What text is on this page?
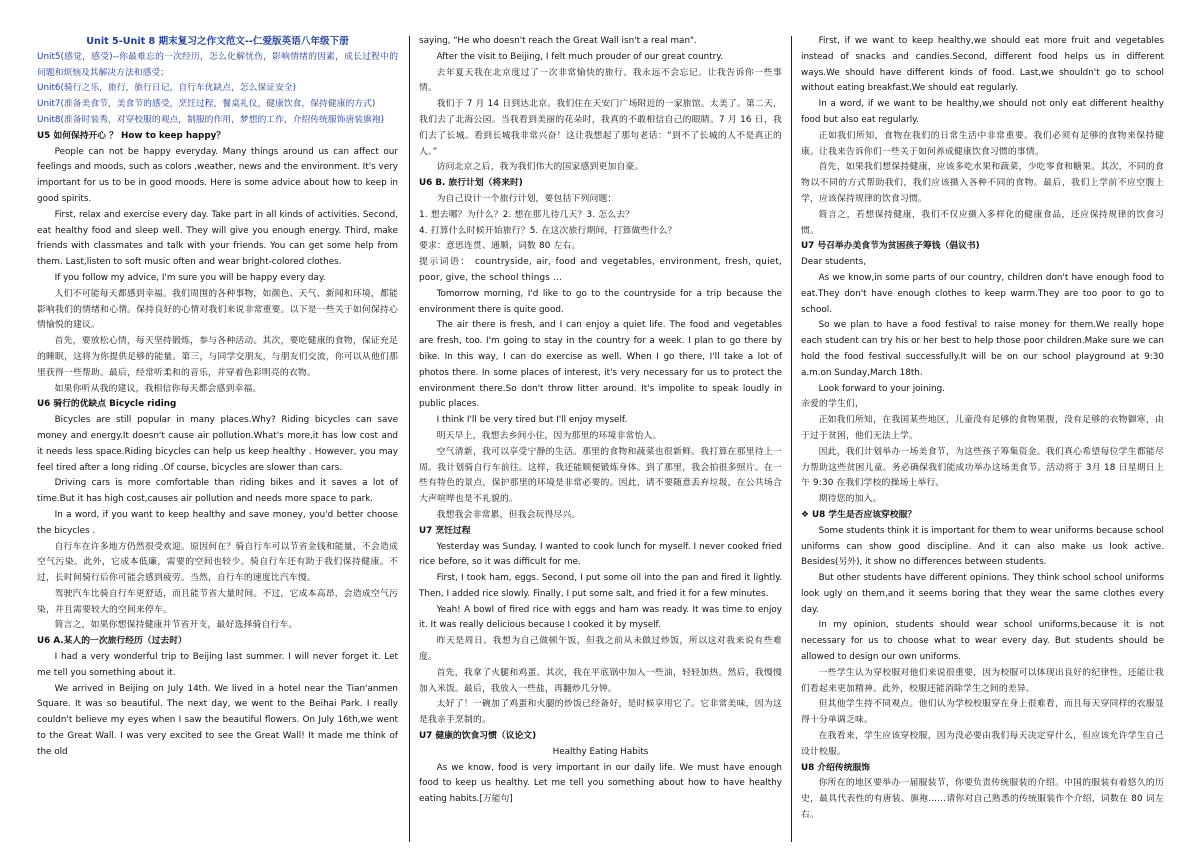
Unit 5-Unit 8 期末复习之作文范文--仁爱版英语八年级下册

Unit5(感觉，感受)--你最难忘的一次经历，怎么化解忧伤，影响情绪的因素，成长过程中的问题和烦恼及其解决方法和感受；

Unit6(骑行之乐，旅行，旅行日记，自行车优缺点，怎么保证安全)

Unit7(准备美食节，美食节的感受，烹饪过程，餐桌礼仪，健康饮食，保持健康的方式)

Unit8(准备时装秀，对穿校服的观点，制服的作用，梦想的工作，介绍传统服饰唐装旗袍)

U5 如何保持开心 ？ How to keep happy？

People can not be happy everyday. Many things around us can affect our feelings and moods, such as colors ,weather, news and the environment. It's very important for us to be in good moods. Here is some advice about how to keep in good spirits.

First, relax and exercise every day. Take part in all kinds of activities. Second, eat healthy food and sleep well. They will give you enough energy. Third, make friends with classmates and talk with your friends. You can get some help from them. Last,listen to soft music often and wear bright-colored clothes.

If you follow my advice, I'm sure you will be happy every day.

人们不可能每天都感到幸福。我们周围的各种事物，如颜色、天气、新闻和环境，都能影响我们的情绪和心情。保持良好的心情对我们来说非常重要。以下是一些关于如何保持心情愉悦的建议。

首先，要放松心情，每天坚持锻炼，参与各种活动。其次，要吃健康的食物，保证充足的睡眠，这将为你提供足够的能量。第三，与同学交朋友，与朋友们交流，你可以从他们那里获得一些帮助。最后，经常听柔和的音乐，并穿着色彩明亮的衣物。

如果你听从我的建议，我相信你每天都会感到幸福。

U6 骑行的优缺点 Bicycle riding

Bicycles are still popular in many places.Why? Riding bicycles can save money and energy.It doesn't cause air pollution.What's more,it has low cost and it needs less space.Riding bicycles can help us keep healthy . However, you may feel tired after a long riding .Of course, bicycles are slower than cars.

Driving cars is more comfortable than riding bikes and it saves a lot of time.But it has high cost,causes air pollution and needs more space to park.

In a word, if you want to keep healthy and save money, you'd better choose the bicycles .

自行车在许多地方仍然很受欢迎。原因何在？骑自行车可以节省金钱和能量，不会造成空气污染。此外，它成本低廉，需要的空间也较少。骑自行车还有助于我们保持健康。不过，长时间骑行后你可能会感到疲劳。当然，自行车的速度比汽车慢。

驾驶汽车比骑自行车更舒适，而且能节省大量时间。不过，它成本高昂，会造成空气污染，并且需要较大的空间来停车。

简言之，如果你想保持健康并节省开支，最好选择骑自行车。

U6 A.某人的一次旅行经历（过去时）

I had a very wonderful trip to Beijing last summer. I will never forget it. Let me tell you something about it.

We arrived in Beijing on July 14th. We lived in a hotel near the Tian'anmen Square. It was so beautiful. The next day, we went to the Beihai Park. I really couldn't believe my eyes when I saw the beautiful flowers. On July 16th,we went to the Great Wall. I was very excited to see the Great Wall! It made me think of the old

saying, "He who doesn't reach the Great Wall isn't a real man".

After the visit to Beijing, I felt much prouder of our great country.

去年夏天我在北京度过了一次非常愉快的旅行。我永远不会忘记。让我告诉你一些事情。

我们于 7 月 14 日到达北京。我们住在天安门广场附近的一家旅馆。太美了。第二天，我们去了北海公园。当我看到美丽的花朵时，我真的不敢相信自己的眼睛。7 月 16 日，我们去了长城。看到长城我非常兴奋！这让我想起了那句老话：“到不了长城的人不是真正的人。”

访问北京之后，我为我们伟大的国家感到更加自豪。

U6 B. 旅行计划（将来时)

为自己设计一个旅行计划，要包括下列问题：

1. 想去哪？为什么？2. 想在那儿待几天？3. 怎么去？

4. 打算什么时候开始旅行？5. 在这次旅行期间，打算做些什么？

要求：意思连贯、通顺，词数 80 左右。

提示词语： countryside, air, food and vegetables, environment, fresh, quiet, poor, give, the school things ...

Tomorrow morning, I'd like to go to the countryside for a trip because the environment there is quite good.

The air there is fresh, and I can enjoy a quiet life. The food and vegetables are fresh, too. I'm going to stay in the country for a week. I plan to go there by bike. In this way, I can do exercise as well. When I go there, I'll take a lot of photos there. In some places of interest, it's very necessary for us to protect the environment there.So don't throw litter around. It's impolite to speak loudly in public places.

I think I'll be very tired but I'll enjoy myself.

明天早上，我想去乡间小住，因为那里的环境非常怡人。

空气清新，我可以享受宁静的生活。那里的食物和蔬菜也很新鲜。我打算在那里待上一周。我计划骑自行车前往。这样，我还能顺便锻炼身体。到了那里，我会拍很多照片。在一些有特色的景点，保护那里的环境是非常必要的。因此，请不要随意丢弃垃圾，在公共场合大声喧哗也是不礼貌的。

我想我会非常累，但我会玩得尽兴。

U7 烹饪过程

Yesterday was Sunday. I wanted to cook lunch for myself. I never cooked fried rice before, so it was difficult for me.

First, I took ham, eggs. Second, I put some oil into the pan and fired it lightly. Then, I added rice slowly. Finally, I put some salt, and fried it for a few minutes.

Yeah! A bowl of fired rice with eggs and ham was ready. It was time to enjoy it. It was really delicious because I cooked it by myself.

昨天是周日。我想为自己做顿午饭，但我之前从未做过炒饭，所以这对我来说有些难度。

首先，我拿了火腿和鸡蛋。其次，我在平底锅中加入一些油，轻轻加热。然后，我慢慢加入米饭。最后，我放入一些盐，再翻炒几分钟。

太好了！一碗加了鸡蛋和火腿的炒饭已经备好，是时候享用它了。它非常美味，因为这是我亲手烹制的。

U7 健康的饮食习惯（议论文)

Healthy Eating Habits

As we know, food is very important in our daily life. We must have enough food to keep us healthy. Let me tell you something about how to have healthy eating habits.[万能句]

First, if we want to keep healthy,we should eat more fruit and vegetables instead of snacks and candies.Second, different food helps us in different ways.We should have different kinds of food. Last,we shouldn't go to school without eating breakfast.We should eat regularly.

In a word, if we want to be healthy,we should not only eat different healthy food but also eat regularly.

正如我们所知，食物在我们的日常生活中非常重要。我们必须有足够的食物来保持健康。让我来告诉你们一些关于如何养成健康饮食习惯的事情。

首先，如果我们想保持健康，应该多吃水果和蔬菜，少吃零食和糖果。其次，不同的食物以不同的方式帮助我们，我们应该摄入各种不同的食物。最后，我们上学前不应空腹上学，应该保持规律的饮食习惯。

简言之，若想保持健康，我们不仅应摄入多样化的健康食品，还应保持规律的饮食习惯。

U7 号召举办美食节为贫困孩子筹钱（倡议书)

Dear students,

As we know,in some parts of our country, children don't have enough food to eat.They don't have enough clothes to keep warm.They are too poor to go to school.

So we plan to have a food festival to raise money for them.We really hope each student can try his or her best to help those poor children.Make sure we can hold the food festival successfully.It will be on our school playground at 9:30 a.m.on Sunday,March 18th.

Look forward to your joining.

亲爱的学生们，

正如我们所知，在我国某些地区，儿童没有足够的食物果腹，没有足够的衣物御寒，由于过于贫困，他们无法上学。

因此，我们计划举办一场美食节，为这些孩子筹集资金。我们真心希望每位学生都能尽力帮助这些贫困儿童。务必确保我们能成功举办这场美食节。活动将于 3月 18 日星期日上午 9:30 在我们学校的操场上举行。

期待您的加入。

❖ U8 学生是否应该穿校服？

Some students think it is important for them to wear uniforms because school uniforms can show good discipline. And it can also make us look active. Besides(另外), it show no differences between students.

But other students have different opinions. They think school school uniforms look ugly on them,and it seems boring that they wear the same clothes every day.

In my opinion, students should wear school uniforms,because it is not necessary for us to choose what to wear every day. But students should be allowed to design our own uniforms.

一些学生认为穿校服对他们来说很重要，因为校服可以体现出良好的纪律性，还能让我们看起来更加精神。此外，校服还能消除学生之间的差异。

但其他学生持不同观点。他们认为学校校服穿在身上很难看，而且每天穿同样的衣服显得十分单调乏味。

在我看来，学生应该穿校服，因为没必要由我们每天决定穿什么，但应该允许学生自己设计校服。

U8 介绍传统服饰

你所在的地区要举办一届服装节，你要负责传统服装的介绍。中国的服装有着悠久的历史，最具代表性的有唐装、旗袍......请你对自己熟悉的传统服装作个介绍，词数在 80 词左右。
